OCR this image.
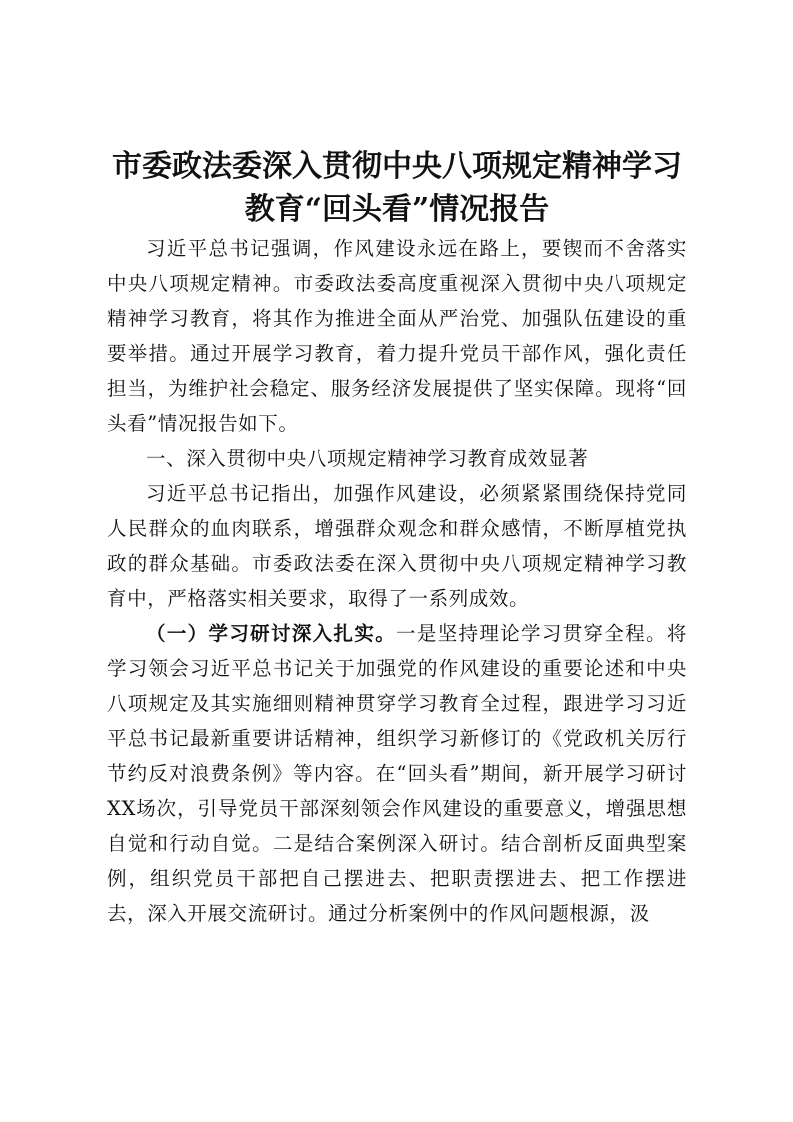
市委政法委深入贯彻中央八项规定精神学习教育“回头看”情况报告

习近平总书记强调，作风建设永远在路上，要锲而不舍落实中央八项规定精神。市委政法委高度重视深入贯彻中央八项规定精神学习教育，将其作为推进全面从严治党、加强队伍建设的重要举措。通过开展学习教育，着力提升党员干部作风，强化责任担当，为维护社会稳定、服务经济发展提供了坚实保障。现将“回头看”情况报告如下。

一、深入贯彻中央八项规定精神学习教育成效显著

习近平总书记指出，加强作风建设，必须紧紧围绕保持党同人民群众的血肉联系，增强群众观念和群众感情，不断厚植党执政的群众基础。市委政法委在深入贯彻中央八项规定精神学习教育中，严格落实相关要求，取得了一系列成效。

（一）学习研讨深入扎实。一是坚持理论学习贯穿全程。将学习领会习近平总书记关于加强党的作风建设的重要论述和中央八项规定及其实施细则精神贯穿学习教育全过程，跟进学习习近平总书记最新重要讲话精神，组织学习新修订的《党政机关厉行节约反对浪费条例》等内容。在“回头看”期间，新开展学习研讨XX场次，引导党员干部深刻领会作风建设的重要意义，增强思想自觉和行动自觉。二是结合案例深入研讨。结合剖析反面典型案例，组织党员干部把自己摆进去、把职责摆进去、把工作摆进去，深入开展交流研讨。通过分析案例中的作风问题根源，汲
